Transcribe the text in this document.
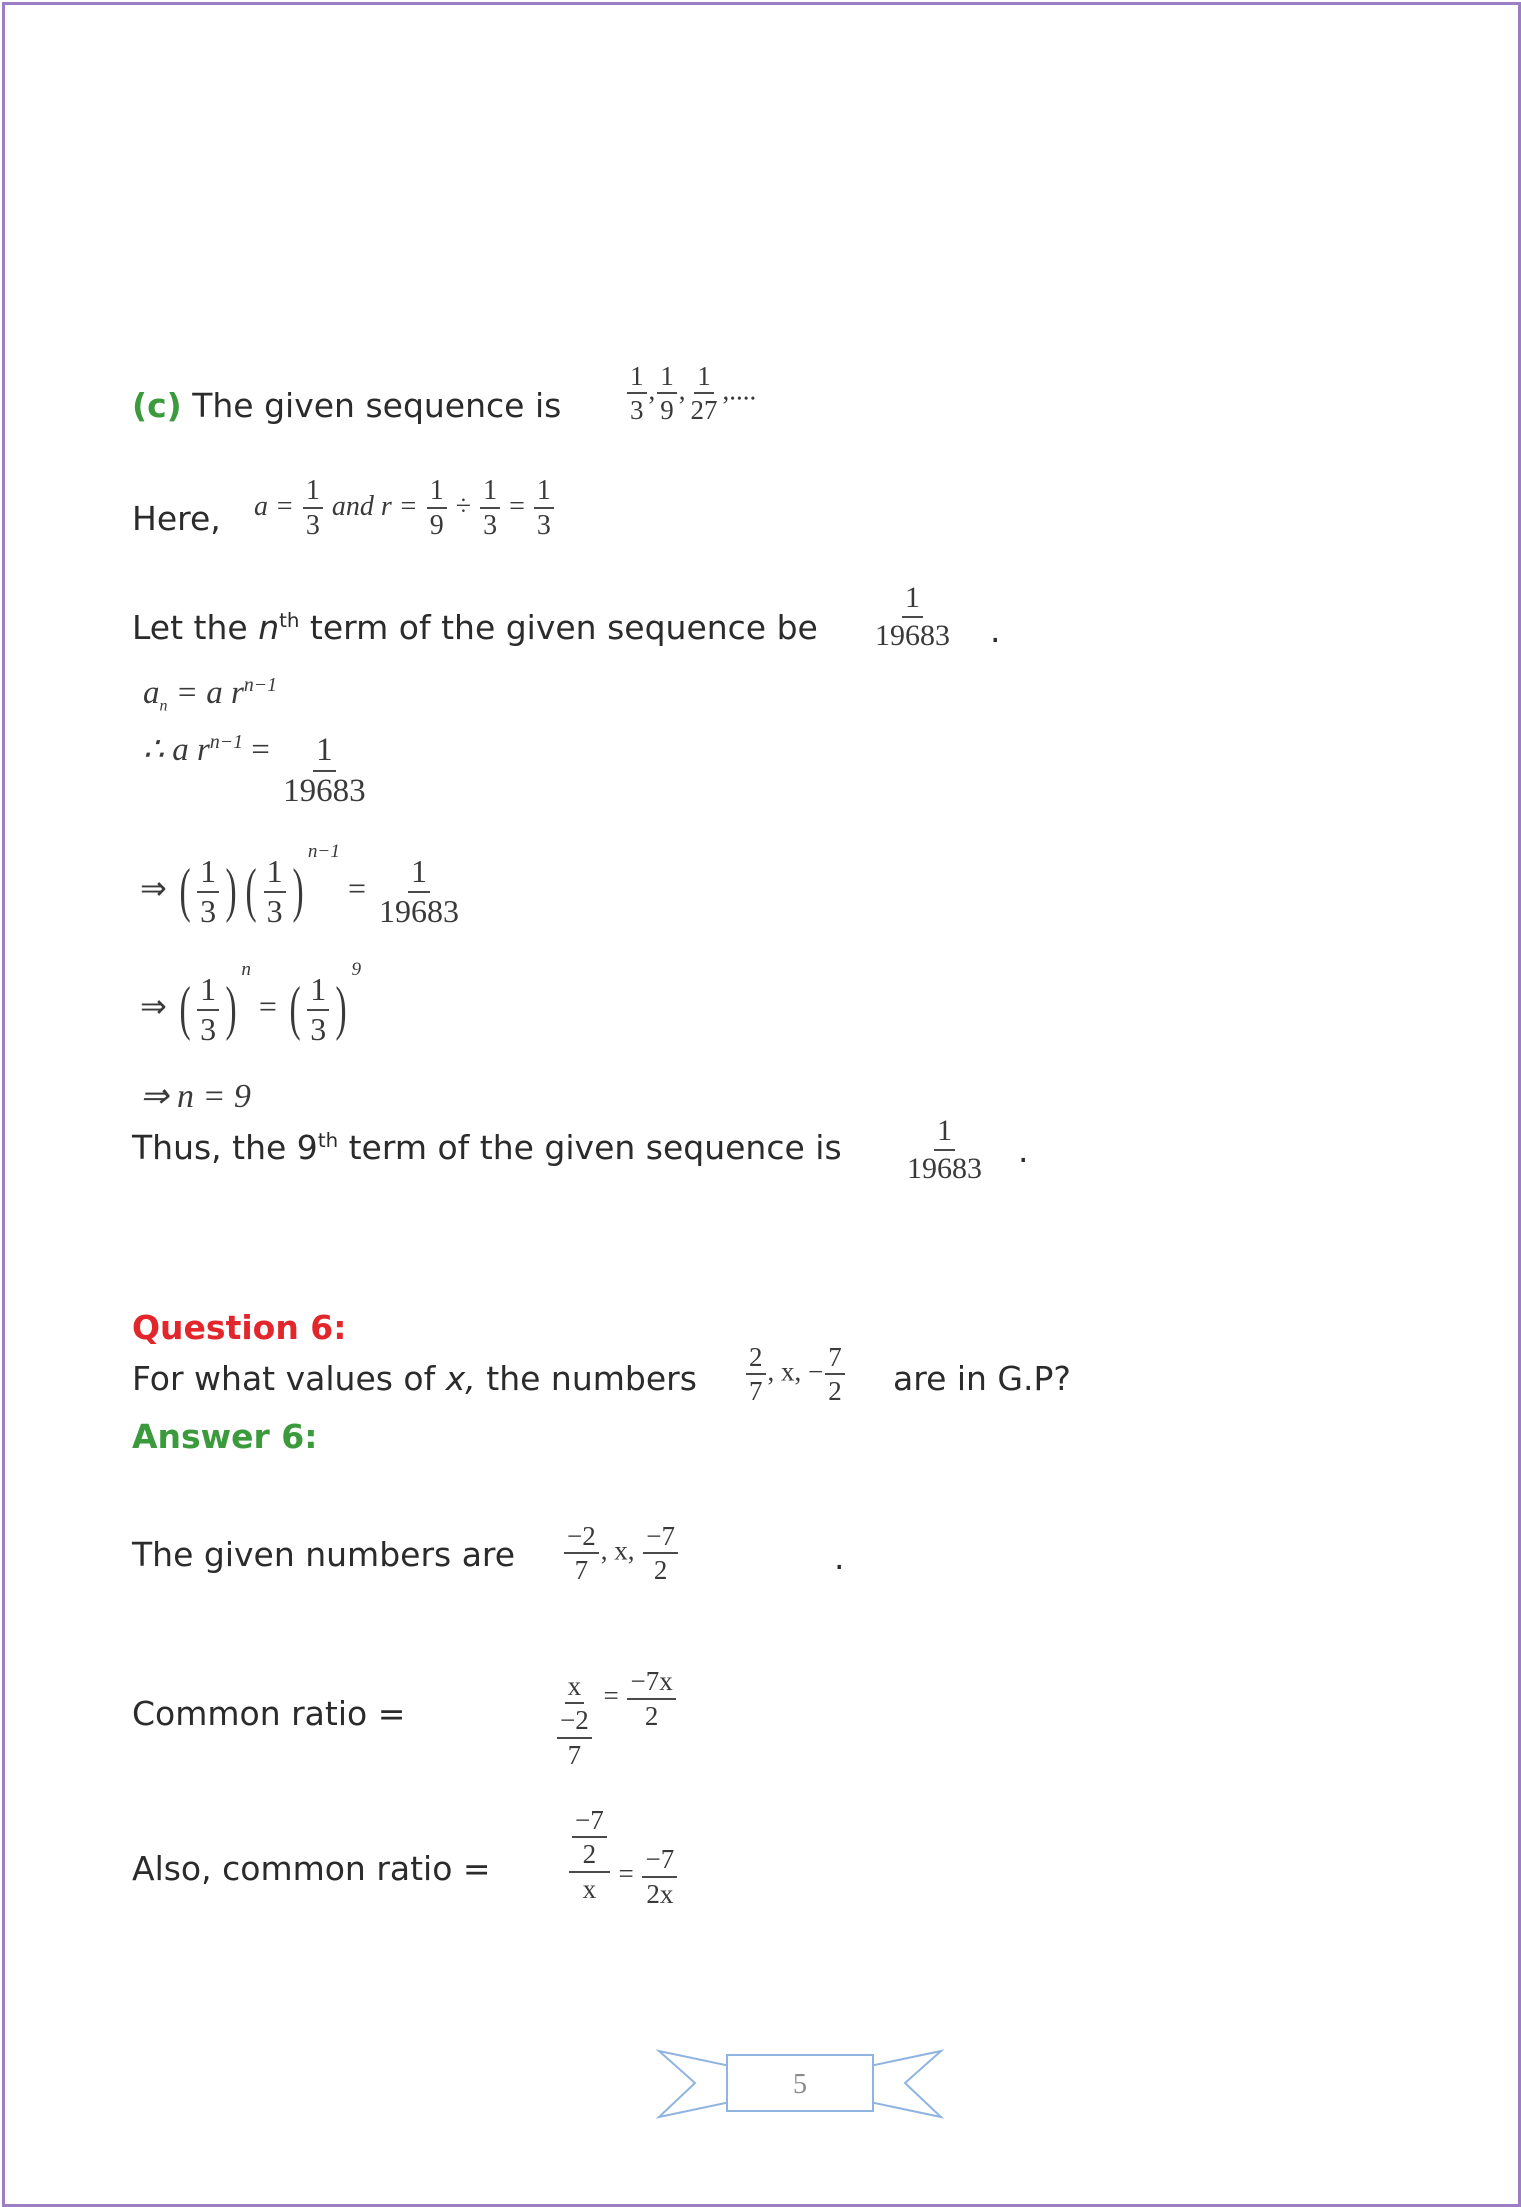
(c) The given sequence is $\frac{1}{3}$ , $\frac{1}{9}$ , $\frac{1}{27}$ ,....
Here, $a = \frac{1}{3}$ and $r = \frac{1}{9} \div \frac{1}{3} = \frac{1}{3}$
Let the $n^{th}$ term of the given sequence be $\frac{1}{19683}$ .
$a_n = a$ $r^{n-1}$
∴ a $r^{n-1} = \frac{1}{19683}$
⇒ ( $\frac{1}{3}$ ) ( $\frac{1}{3} )^{n-1} = \frac{1}{19683}$
⇒ ( $\frac{1}{3} )^n$ = ( $\frac{1}{3} )^9$
⇒ n = 9
Thus, the 9th term of the given sequence is $\frac{1}{19683}$ .
Question 6:
For what values of x, the numbers $\frac{2}{7}$ , x, − $\frac{7}{2}$ are in G.P?
Answer 6:
The given numbers are $\frac{-2}{7}$ , x, $\frac{-7}{2}$	.
Common ratio =	$\frac{x}{\frac{-2}{7}} = \frac{-7x}{2}$
Also, common ratio =	$\frac{\frac{-7}{2}}{x} = \frac{-7}{2x}$
5
